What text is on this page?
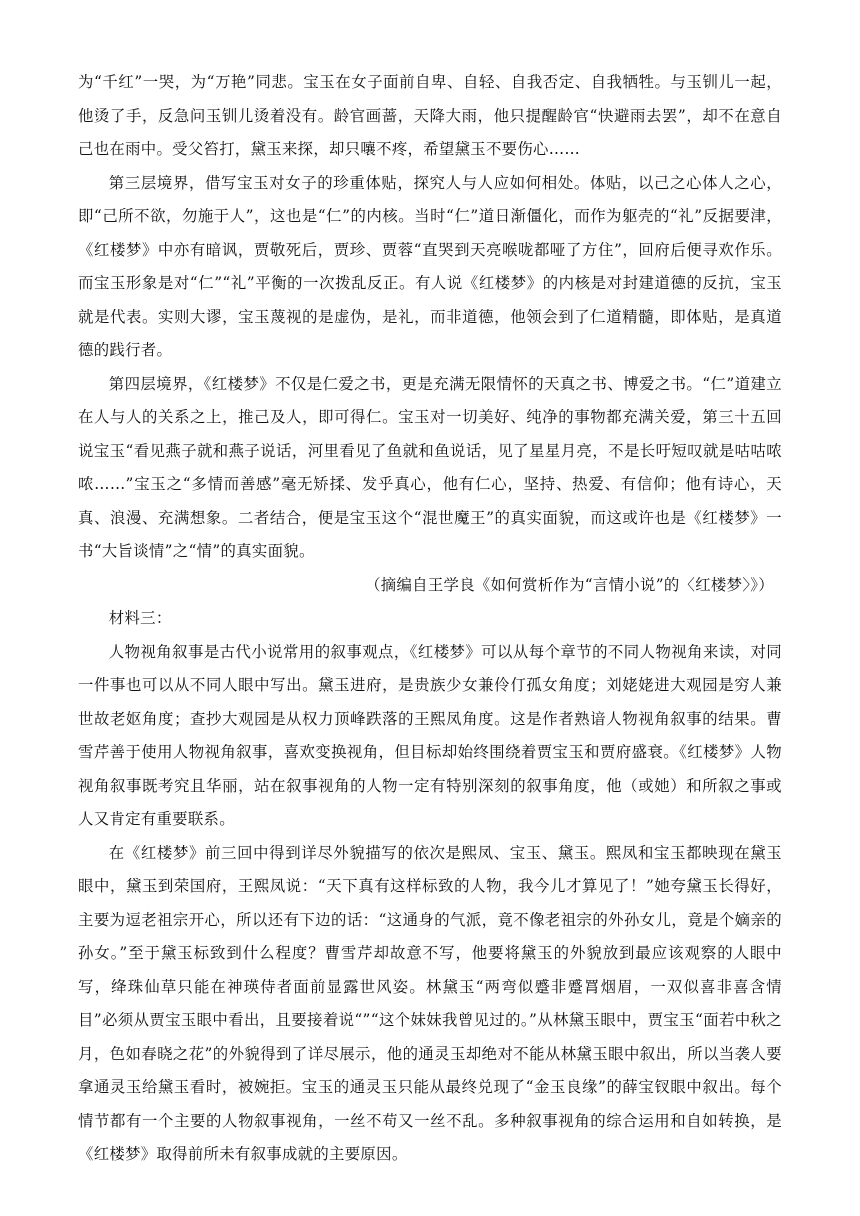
为“千红”一哭，为“万艳”同悲。宝玉在女子面前自卑、自轻、自我否定、自我牺牲。与玉钏儿一起，他烫了手，反急问玉钏儿烫着没有。龄官画蔷，天降大雨，他只提醒龄官“快避雨去罢”，却不在意自己也在雨中。受父笞打，黛玉来探，却只嚷不疼，希望黛玉不要伤心……

第三层境界，借写宝玉对女子的珍重体贴，探究人与人应如何相处。体贴，以己之心体人之心，即“己所不欲，勿施于人”，这也是“仁”的内核。当时“仁”道日渐僵化，而作为躯壳的“礼”反据要津，《红楼梦》中亦有暗讽，贾敬死后，贾珍、贾蓉“直哭到天亮喉咙都哑了方住”，回府后便寻欢作乐。而宝玉形象是对“仁”“礼”平衡的一次拨乱反正。有人说《红楼梦》的内核是对封建道德的反抗，宝玉就是代表。实则大谬，宝玉蔑视的是虚伪，是礼，而非道德，他领会到了仁道精髓，即体贴，是真道德的践行者。

第四层境界，《红楼梦》不仅是仁爱之书，更是充满无限情怀的天真之书、博爱之书。“仁”道建立在人与人的关系之上，推己及人，即可得仁。宝玉对一切美好、纯净的事物都充满关爱，第三十五回说宝玉“看见燕子就和燕子说话，河里看见了鱼就和鱼说话，见了星星月亮，不是长吁短叹就是咕咕哝哝……”宝玉之“多情而善感”毫无矫揉、发乎真心，他有仁心，坚持、热爱、有信仰；他有诗心，天真、浪漫、充满想象。二者结合，便是宝玉这个“混世魔王”的真实面貌，而这或许也是《红楼梦》一书“大旨谈情”之“情”的真实面貌。

（摘编自王学良《如何赏析作为“言情小说”的〈红楼梦〉》）

材料三：

人物视角叙事是古代小说常用的叙事观点，《红楼梦》可以从每个章节的不同人物视角来读，对同一件事也可以从不同人眼中写出。黛玉进府，是贵族少女兼伶仃孤女角度；刘姥姥进大观园是穷人兼世故老妪角度；查抄大观园是从权力顶峰跌落的王熙凤角度。这是作者熟谙人物视角叙事的结果。曹雪芹善于使用人物视角叙事，喜欢变换视角，但目标却始终围绕着贾宝玉和贾府盛衰。《红楼梦》人物视角叙事既考究且华丽，站在叙事视角的人物一定有特别深刻的叙事角度，他（或她）和所叙之事或人又肯定有重要联系。

在《红楼梦》前三回中得到详尽外貌描写的依次是熙凤、宝玉、黛玉。熙凤和宝玉都映现在黛玉眼中，黛玉到荣国府，王熙凤说：“天下真有这样标致的人物，我今儿才算见了！”她夸黛玉长得好，主要为逗老祖宗开心，所以还有下边的话：“这通身的气派，竟不像老祖宗的外孙女儿，竟是个嫡亲的孙女。”至于黛玉标致到什么程度？曹雪芹却故意不写，他要将黛玉的外貌放到最应该观察的人眼中写，绛珠仙草只能在神瑛侍者面前显露世风姿。林黛玉“两弯似蹙非蹙罥烟眉，一双似喜非喜含情目”必须从贾宝玉眼中看出，且要接着说“”“这个妹妹我曾见过的。”从林黛玉眼中，贾宝玉“面若中秋之月，色如春晓之花”的外貌得到了详尽展示，他的通灵玉却绝对不能从林黛玉眼中叙出，所以当袭人要拿通灵玉给黛玉看时，被婉拒。宝玉的通灵玉只能从最终兑现了“金玉良缘”的薛宝钗眼中叙出。每个情节都有一个主要的人物叙事视角，一丝不苟又一丝不乱。多种叙事视角的综合运用和自如转换，是《红楼梦》取得前所未有叙事成就的主要原因。
